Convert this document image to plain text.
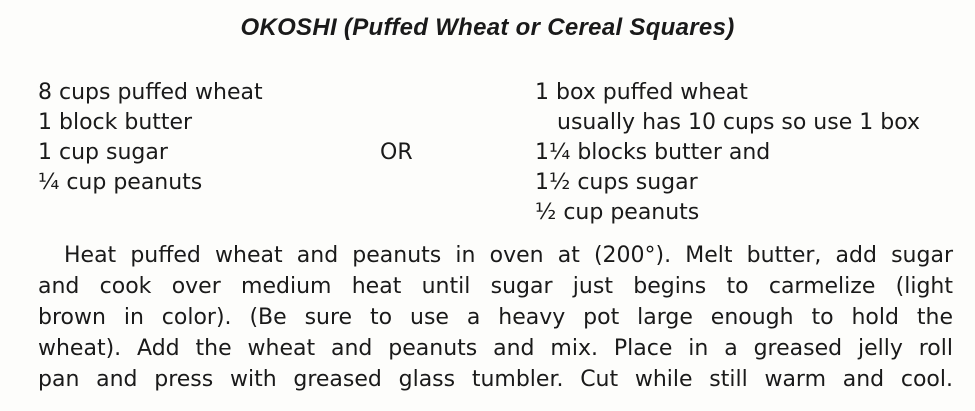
OKOSHI (Puffed Wheat or Cereal Squares)
8 cups puffed wheat
1 block butter
1 cup sugar
¼ cup peanuts
OR
1 box puffed wheat
usually has 10 cups so use 1 box
1¼ blocks butter and
1½ cups sugar
½ cup peanuts
Heat puffed wheat and peanuts in oven at (200°). Melt butter, add sugar
and cook over medium heat until sugar just begins to carmelize (light
brown in color). (Be sure to use a heavy pot large enough to hold the
wheat). Add the wheat and peanuts and mix. Place in a greased jelly roll
pan and press with greased glass tumbler. Cut while still warm and cool.
